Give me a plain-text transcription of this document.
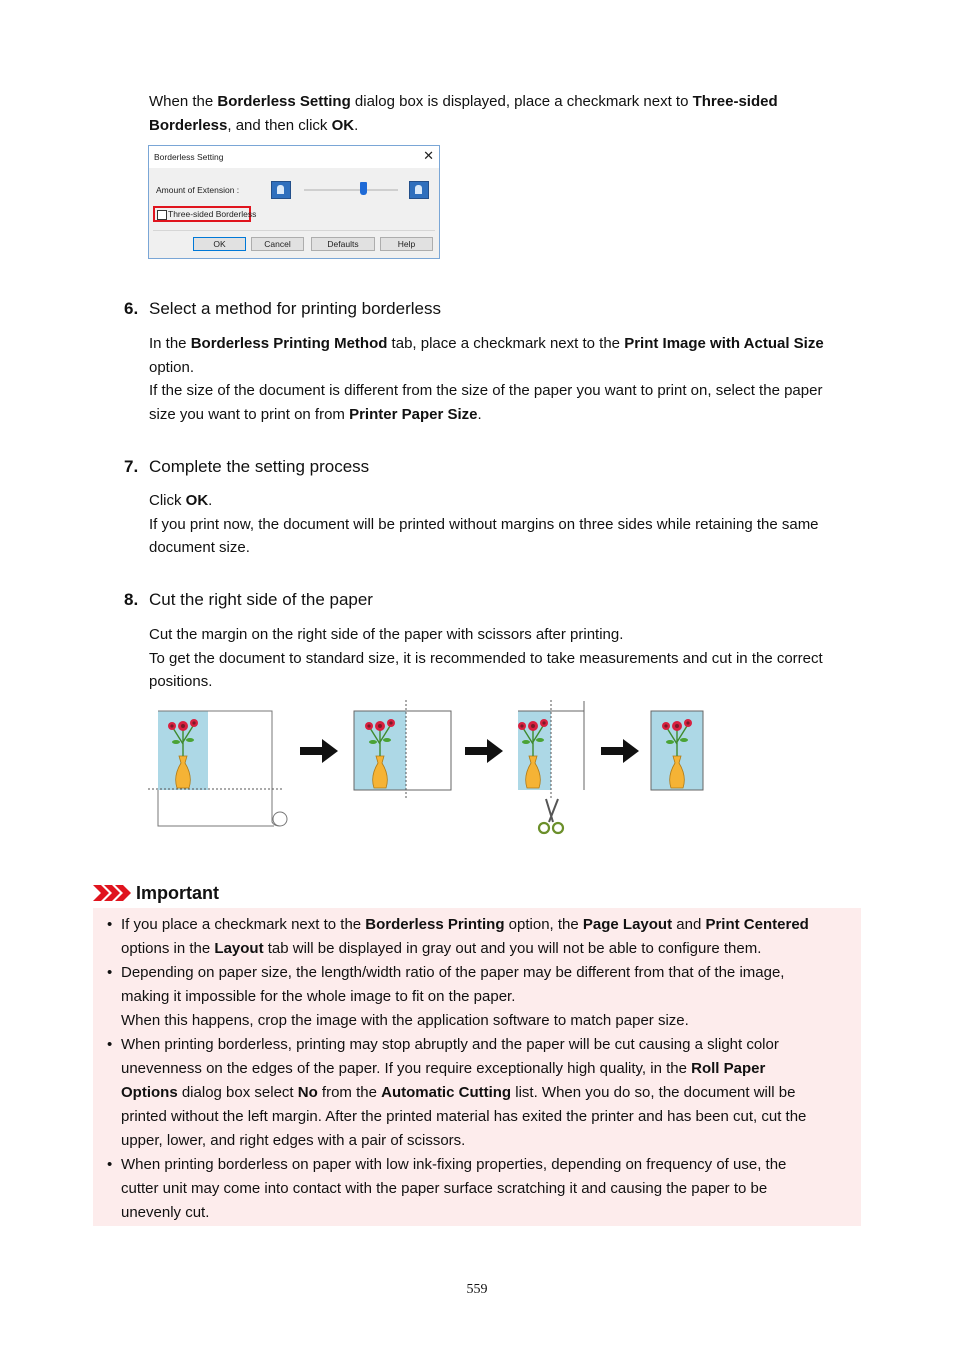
When the Borderless Setting dialog box is displayed, place a checkmark next to Three-sided
Borderless, and then click OK.
Borderless Setting	✕
Amount of Extension :
Three-sided Borderless
OK	Cancel	Defaults	Help
6. Select a method for printing borderless
In the Borderless Printing Method tab, place a checkmark next to the Print Image with Actual Size
option.
If the size of the document is different from the size of the paper you want to print on, select the paper
size you want to print on from Printer Paper Size.
7. Complete the setting process
Click OK.
If you print now, the document will be printed without margins on three sides while retaining the same
document size.
8. Cut the right side of the paper
Cut the margin on the right side of the paper with scissors after printing.
To get the document to standard size, it is recommended to take measurements and cut in the correct
positions.
Important
• If you place a checkmark next to the Borderless Printing option, the Page Layout and Print Centered
options in the Layout tab will be displayed in gray out and you will not be able to configure them.
• Depending on paper size, the length/width ratio of the paper may be different from that of the image,
making it impossible for the whole image to fit on the paper.
When this happens, crop the image with the application software to match paper size.
• When printing borderless, printing may stop abruptly and the paper will be cut causing a slight color
unevenness on the edges of the paper. If you require exceptionally high quality, in the Roll Paper
Options dialog box select No from the Automatic Cutting list. When you do so, the document will be
printed without the left margin. After the printed material has exited the printer and has been cut, cut the
upper, lower, and right edges with a pair of scissors.
• When printing borderless on paper with low ink-fixing properties, depending on frequency of use, the
cutter unit may come into contact with the paper surface scratching it and causing the paper to be
unevenly cut.
559
